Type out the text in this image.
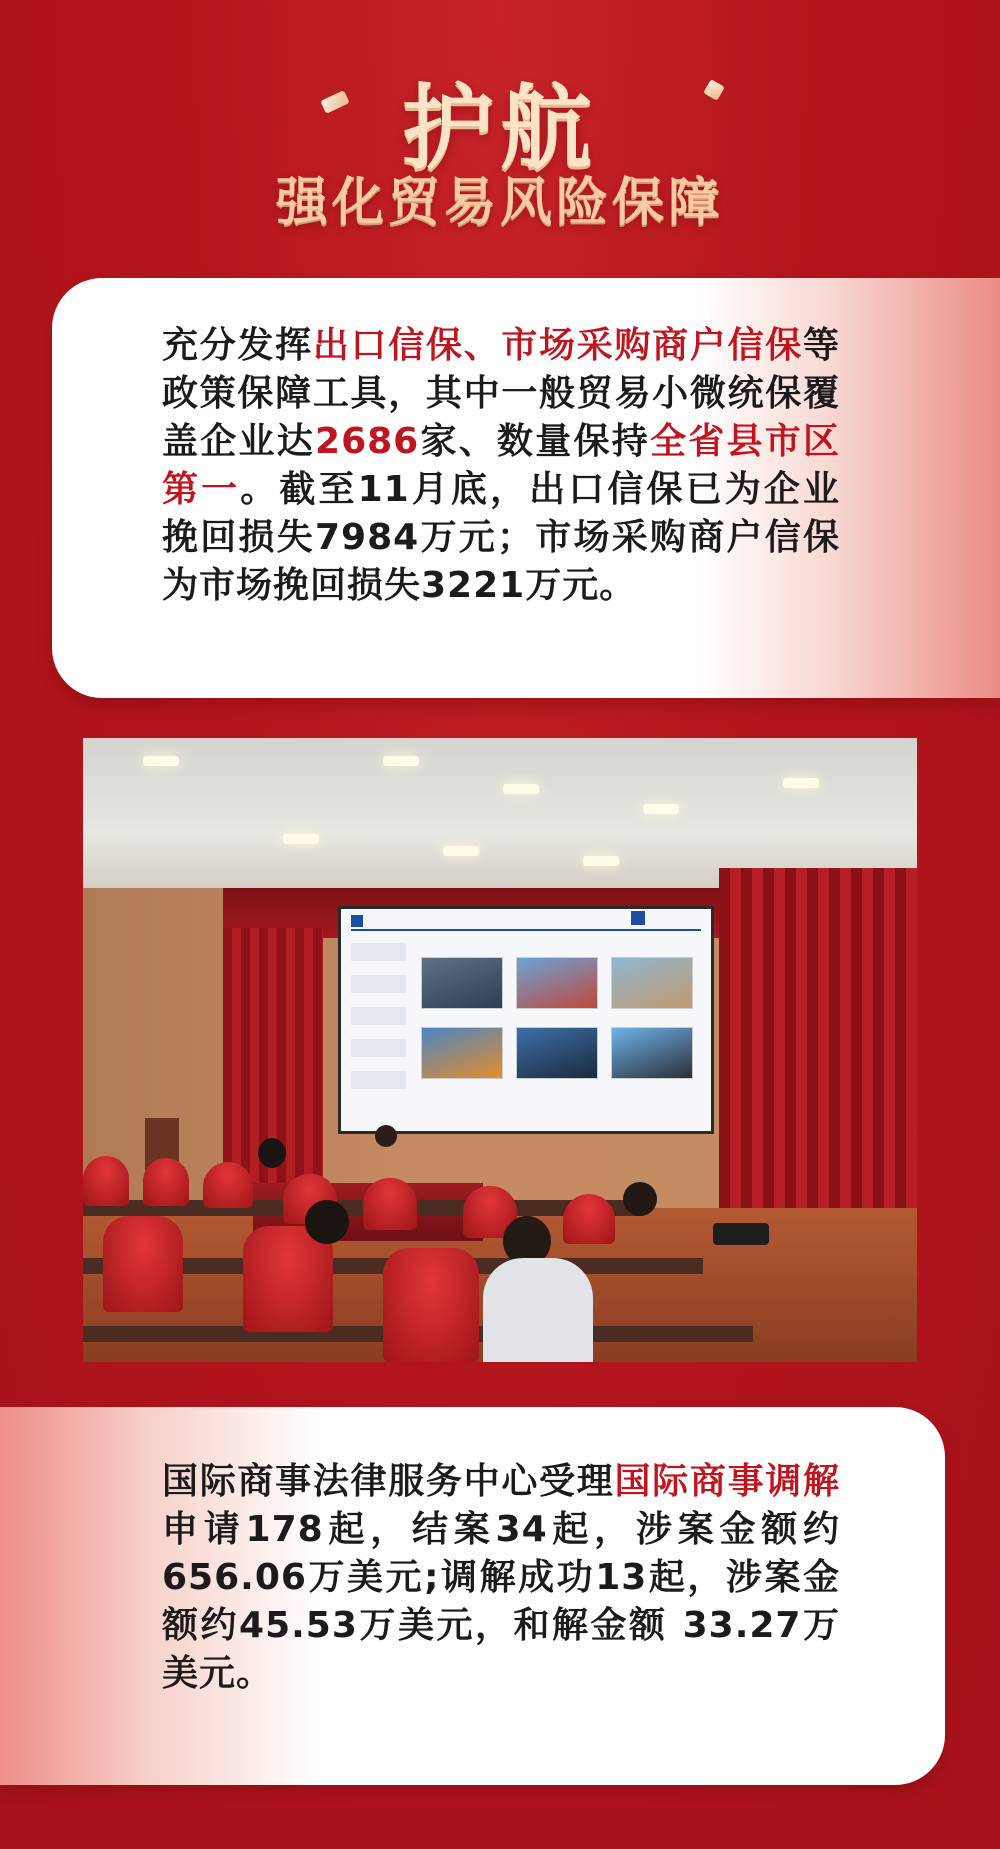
护航
强化贸易风险保障
充分发挥出口信保、市场采购商户信保等政策保障工具，其中一般贸易小微统保覆盖企业达2686家、数量保持全省县市区第一。截至11月底，出口信保已为企业挽回损失7984万元；市场采购商户信保为市场挽回损失3221万元。
国际商事法律服务中心受理国际商事调解申请178起，结案34起，涉案金额约656.06万美元;调解成功13起，涉案金额约45.53万美元，和解金额 33.27万美元。
